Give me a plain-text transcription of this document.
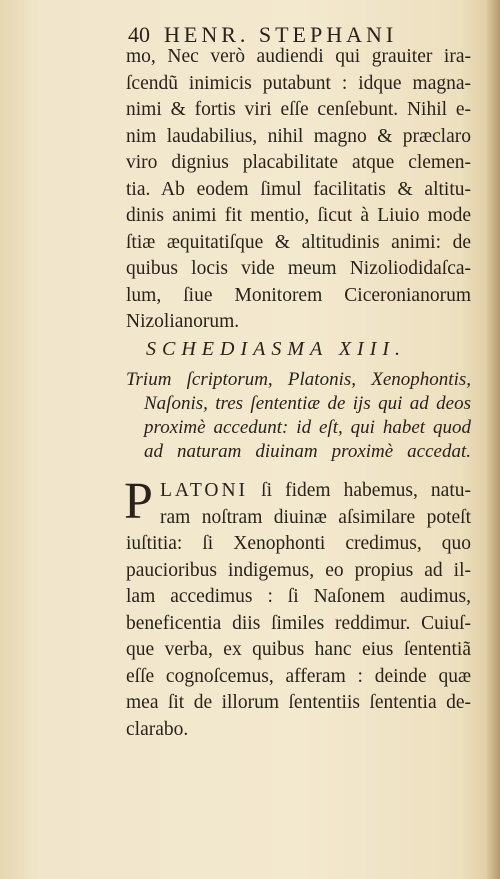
40 HENR. STEPHANI
mo, Nec verò audiendi qui grauiter ira-
ſcendũ inimicis putabunt : idque magna-
nimi & fortis viri eſſe cenſebunt. Nihil e-
nim laudabilius, nihil magno & præclaro
viro dignius placabilitate atque clemen-
tia. Ab eodem ſimul facilitatis & altitu-
dinis animi fit mentio, ſicut à Liuio mode
ſtiæ æquitatiſque & altitudinis animi: de
quibus locis vide meum Nizoliodidaſca-
lum, ſiue Monitorem Ciceronianorum
Nizolianorum.
SCHEDIASMA XIII.
Trium ſcriptorum, Platonis, Xenophontis,
Naſonis, tres ſententiæ de ijs qui ad deos
proximè accedunt: id eſt, qui habet quod
ad naturam diuinam proximè accedat.
P LATONI ſi fidem habemus, natu-
ram noſtram diuinæ aſsimilare poteſt
iuſtitia: ſi Xenophonti credimus, quo
paucioribus indigemus, eo propius ad il-
lam accedimus : ſi Naſonem audimus,
beneficentia diis ſimiles reddimur. Cuiuſ-
que verba, ex quibus hanc eius ſententiã
eſſe cognoſcemus, afferam : deinde quæ
mea ſit de illorum ſententiis ſententia de-
clarabo.
